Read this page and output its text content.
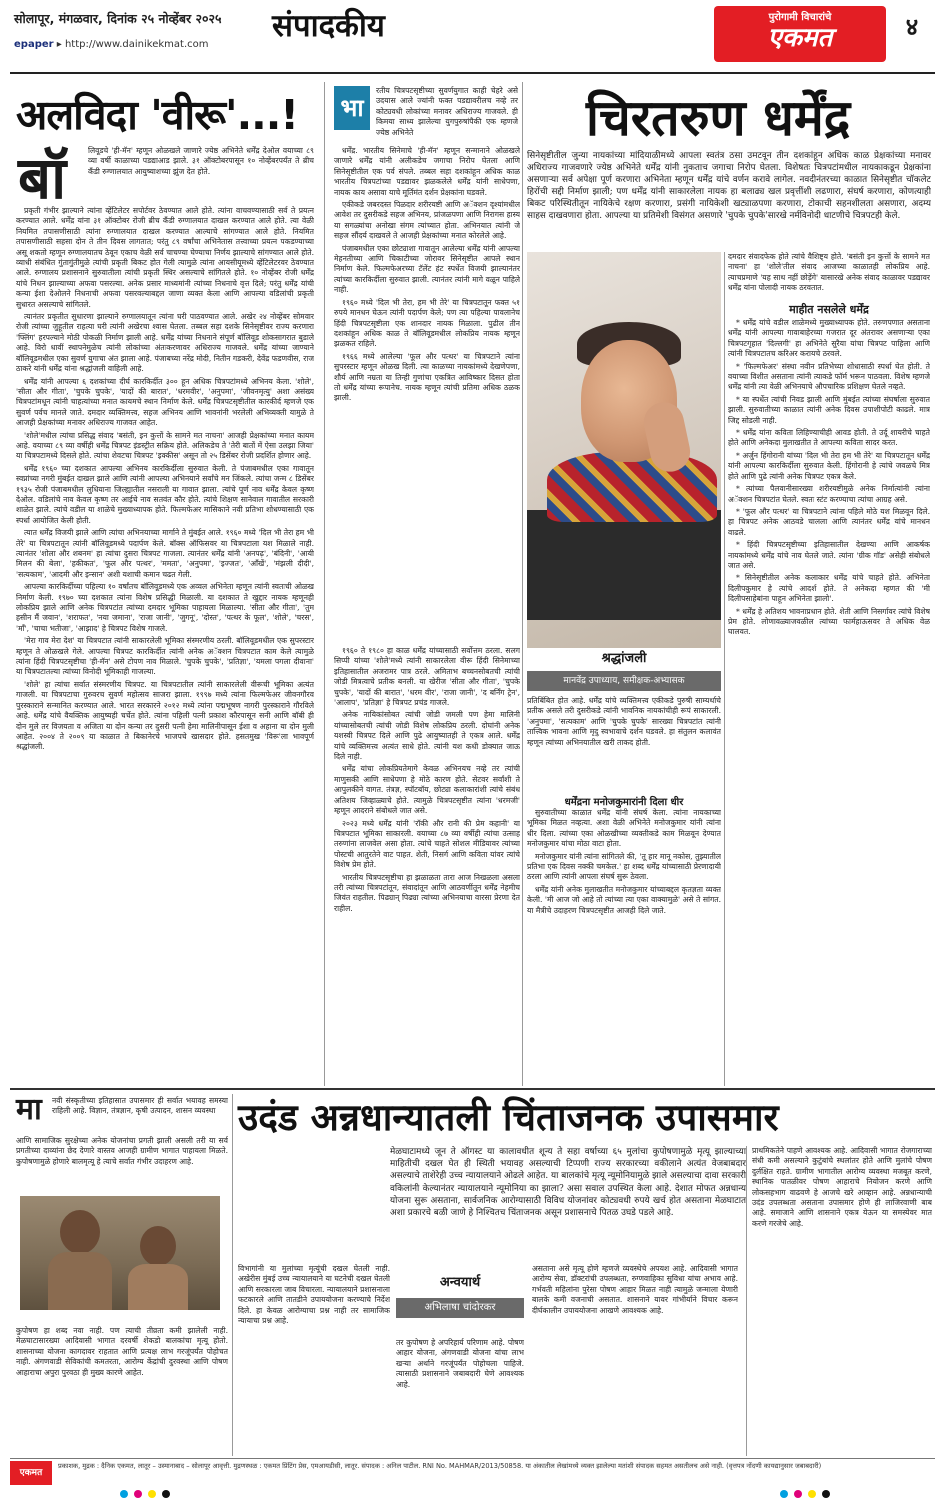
सोलापूर, मंगळवार, दिनांक २५ नोव्हेंबर २०२५
epaper ▸ http://www.dainikekmat.com
संपादकीय	पुरोगामी विचारांचे
एकमत	४
अलविदा 'वीरू'...!
बॉ	लिवूडचे 'ही-मॅन' म्हणून ओळखले जाणारे ज्येष्ठ अभिनेते धर्मेंद्र देओल वयाच्या ८९ व्या वर्षी काळाच्या पडद्याआड झाले. ३१ ऑक्टोबरपासून १० नोव्हेंबरपर्यंत ते ब्रीच कँडी रुग्णालयात आयुष्याशच्या झुंज देत होते.

प्रकृती गंभीर झाल्याने त्यांना व्हेंटिलेटर सपोर्टवर ठेवण्यात आले होते. त्यांना वाचवण्यासाठी सर्व ते प्रयत्न करण्यात आले. धर्मेंद्र यांना ३१ ऑक्टोबर रोजी ब्रीच कँडी रुग्णालयात दाखल करण्यात आले होते. त्या वेळी नियमित तपासणीसाठी त्यांना रुग्णालयात दाखल करण्यात आल्याचे सांगण्यात आले होते. नियमित तपासणीसाठी सहसा दोन ते तीन दिवस लागतात; परंतु ८९ वर्षांचा अभिनेतास तत्त्वाच्या प्रयत्न पकडण्याच्या असू शकतो म्हणून रुग्णालयातच ठेवून एकाच वेळी सर्व चाचण्या घेण्याचा निर्णय झाल्याचे सांगण्यात आले होते. व्याधी संबंधित गुंतागुंतीमुळे त्यांची प्रकृती बिकट होत गेली त्यामुळे त्यांना आयसीयूमध्ये व्हेंटिलेटरवर ठेवण्यात आले. रुग्णालय प्रशासनाने सुरुवातीला त्यांची प्रकृती स्थिर असल्याचे सांगितले होते. १० नोव्हेंबर रोजी धर्मेंद्र यांचे निधन झाल्याच्या अफवा पसरल्या. अनेक प्रसार माध्यमांनी त्यांच्या निधनाचे वृत्त दिले; परंतु धर्मेंद्र यांची कन्या ईशा देओलने निधनाची अफवा पसरवल्याबद्दल जाणा व्यक्त केला आणि आपल्या वडिलांची प्रकृती सुधारत असल्याचे सांगितले.

त्यानंतर प्रकृतीत सुधारणा झाल्याने रुग्णालयातून त्यांना घरी पाठवण्यात आले. अखेर २४ नोव्हेंबर सोमवार रोजी त्यांच्या जुहूतील राहत्या घरी त्यांनी अखेरचा श्वास घेतला. तब्बल सहा दशके सिनेसृष्टीवर राज्य करणारा 'फ्लिंग' हरपल्याने मोठी पोकळी निर्माण झाली आहे. धर्मेंद्र यांच्या निधनाने संपूर्ण बॉलिवूड शोकसागरात बुडाले आहे. विरो धावीं स्थापनेमुळेच त्यांनी लोकांच्या अंतःकरणावर अधिराज्य गाजवले. धर्मेंद्र यांच्या जाण्याने बॉलिवूडमधील एका सुवर्ण युगाचा अंत झाला आहे. पंजाबच्या नरेंद्र मोदी, नितीन गडकरी, देवेंद्र फडणवीस, राज ठाकरे यांनी धर्मेंद्र यांना श्रद्धांजली वाहिली आहे.

धर्मेंद्र यांनी आपल्या ६ दशकांच्या दीर्घ कारकिर्दीत ३०० हून अधिक चित्रपटांमध्ये अभिनय केला. 'शोले', 'सीता और गीता', 'चुपके चुपके', 'यादों की बारात', 'धरमवीर', 'अनुपमा', 'जीवनमृत्यु' अशा असंख्य चित्रपटांमधून त्यांनी चाहत्यांच्या मनात कायमचे स्थान निर्माण केले. धर्मेंद्र चित्रपटसृष्टीतील कारकीर्द म्हणजे एक सुवर्ण पर्वच मानले जाते. दमदार व्यक्तिमत्त्व, सहज अभिनय आणि भावनांनी भरलेली अभिव्यक्ती यामुळे ते आजही प्रेक्षकांच्या मनावर अधिराज्य गाजवत आहेत.

'शोले'मधील त्यांचा प्रसिद्ध संवाद 'बसंती, इन कुत्तों के सामने मत नाचना' आजही प्रेक्षकांच्या मनात कायम आहे. वयाच्या ८९ व्या वर्षीही धर्मेंद्र चित्रपट इंडस्ट्रीत सक्रिय होते. अलिकडेच ते 'तेरी बातों में ऐसा उलझा जिया' या चित्रपटामध्ये दिसले होते. त्यांचा शेवटचा चित्रपट 'इक्कीस' असून तो २५ डिसेंबर रोजी प्रदर्शित होणार आहे.

धर्मेंद्र १९६० च्या दशकात आपल्या अभिनय कारकिर्दीला सुरुवात केली. ते पंजाबमधील एका गावातून स्वप्नांच्या नगरी मुंबईत दाखल झाले आणि त्यांनी आपल्या अभिनयाने सर्वांचे मन जिंकले. त्यांचा जन्म ८ डिसेंबर १९३५ रोजी पंजाबमधील लुधियाना जिल्ह्यातील नसराली या गावात झाला. त्यांचे पूर्ण नाव धर्मेंद्र केवल कृष्ण देओल. वडिलांचे नाव केवल कृष्ण तर आईचे नाव सतवंत कौर होते. त्यांचे शिक्षण सानेवाल गावातील सरकारी शाळेत झाले. त्यांचे वडील या शाळेचे मुख्याध्यापक होते. फिल्मफेअर मासिकाने नवी प्रतिभा शोधण्यासाठी एक स्पर्धा आयोजित केली होती.

त्यात धर्मेंद्र विजयी झाले आणि त्यांचा अभिनयाच्या मार्गाने ते मुंबईत आले. १९६० मध्ये 'दिल भी तेरा हम भी तेरे' या चित्रपटातून त्यांनी बॉलिवूडमध्ये पदार्पण केले. बॉक्स ऑफिसवर या चित्रपटाला यश मिळाले नाही. त्यानंतर 'शोला और शबनम' हा त्यांचा दुसरा चित्रपट गाजला. त्यानंतर धर्मेंद्र यांनी 'अनपढ़', 'बंदिनी', 'आयी मिलन की बेला', 'हकीकत', 'फूल और पत्थर', 'ममता', 'अनुपमा', 'इज्जत', 'आँखें', 'मंझली दीदी', 'सत्यकाम', 'आदमी और इन्सान' अशी यशाची कमान चढत गेली.

आपल्या कारकिर्दीच्या पहिल्या १० वर्षांतच बॉलिवूडमध्ये एक अव्वल अभिनेता म्हणून त्यांनी स्वतःची ओळख निर्माण केली. १९७० च्या दशकात त्यांना विशेष प्रसिद्धी मिळाली. या दशकात ते खुद्दार नायक म्हणूनही लोकप्रिय झाले आणि अनेक चित्रपटांत त्यांच्या दमदार भूमिका पाहायला मिळाल्या. 'सीता और गीता', 'तुम हसीन मैं जवान', 'शराफत', 'नया जमाना', 'राजा जानी', 'जुगनू', 'दोस्त', 'पत्थर के फूल', 'शोले', 'चरस', 'माँ', 'चाचा भतीजा', 'आझाद' हे चित्रपट विशेष गाजले.

'मेरा गाव मेरा देश' या चित्रपटात त्यांनी साकारलेली भूमिका संस्मरणीय ठरली. बॉलिवूडमधील एक सुपरस्टार म्हणून ते ओळखले गेले. आपल्या चित्रपट कारकिर्दीत त्यांनी अनेक अॅक्शन चित्रपटात काम केले त्यामुळे त्यांना हिंदी चित्रपटसृष्टीचा 'ही-मॅन' असे टोपण नाव मिळाले. 'चुपके चुपके', 'प्रतिज्ञा', 'यमला पगला दीवाना' या चित्रपटातल्या त्यांच्या विनोदी भूमिकाही गाजल्या.

'शोले' हा त्यांचा सर्वात संस्मरणीय चित्रपट. या चित्रपटातील त्यांनी साकारलेली वीरूची भूमिका अत्यंत गाजली. या चित्रपटाचा गुरुवरच सुवर्ण महोत्सव साजरा झाला. १९९७ मध्ये त्यांना फिल्मफेअर जीवनगौरव पुरस्काराने सन्मानित करण्यात आले. भारत सरकारने २०१२ मध्ये त्यांना पद्मभूषण नागरी पुरस्काराने गौरविले आहे. धर्मेंद्र यांचे वैयक्तिक आयुष्यही चर्चेत होते. त्यांना पहिली पत्नी प्रकाश कौरपासून सनी आणि बॉबी ही दोन मुले तर विजयता व अजिता या दोन कन्या तर दुसरी पत्नी हेमा मालिनीपासून ईशा व अहाना या दोन मुली आहेत. २००४ ते २००९ या काळात ते बिकानेरचे भाजपचे खासदार होते. हसतमुख 'विरू'ला भावपूर्ण श्रद्धांजली.

भा
रतीय चित्रपटसृष्टीच्या सुवर्णयुगात काही चेहरे असे उदयास आले ज्यांनी फक्त पडद्यावरीलच नव्हे तर कोट्यवधी लोकांच्या मनावर अधिराज्य गाजवले. ही किमया साध्य झालेल्या युगपुरुषांपैकी एक म्हणजे ज्येष्ठ अभिनेते

धर्मेंद्र. भारतीय सिनेमाचे 'ही-मॅन' म्हणून सन्मानाने ओळखले जाणारे धर्मेंद्र यांनी अलीकडेच जगाचा निरोप घेतला आणि सिनेसृष्टीतील एक पर्व संपले. तब्बल सहा दशकांहून अधिक काळ भारतीय चित्रपटांच्या पडद्यावर झळकलेले धर्मेंद्र यांनी साधेपणा, नायक काय असावा याचे मूर्तिमंत दर्शन प्रेक्षकांना घडवले.

एकीकडे जबरदस्त पिळदार शरीरयष्टी आणि अॅक्शन दृश्यांमधील आवेश तर दुसरीकडे सहज अभिनय, प्रांजळपणा आणि निरागस हास्य या सगळ्यांचा अनोखा संगम त्यांच्यात होता. अभिनयात त्यांनी जे सहज सौंदर्य दाखवले ते आजही प्रेक्षकांच्या मनात कोरलेले आहे.

पंजाबमधील एका छोट्याशा गावातून आलेल्या धर्मेंद्र यांनी आपल्या मेहनतीच्या आणि चिकाटीच्या जोरावर सिनेसृष्टीत आपले स्थान निर्माण केले. फिल्मफेअरच्या टॅलेंट हंट स्पर्धेत विजयी झाल्यानंतर त्यांच्या कारकिर्दीला सुरुवात झाली. त्यानंतर त्यांनी मागे वळून पाहिले नाही.

१९६० मध्ये 'दिल भी तेरा, हम भी तेरे' या चित्रपटातून फक्त ५१ रुपये मानधन घेऊन त्यांनी पदार्पण केले; पण त्या पहिल्या पावलानेच हिंदी चित्रपटसृष्टीला एक शानदार नायक मिळाला. पुढील तीन दशकांहून अधिक काळ ते बॉलिवूडमधील लोकप्रिय नायक म्हणून झळकत राहिले.

१९६६ मध्ये आलेल्या 'फूल और पत्थर' या चित्रपटाने त्यांना सुपरस्टार म्हणून ओळख दिली. त्या काळच्या नायकांमध्ये देखणेपणा, शौर्य आणि नम्रता या तिन्ही गुणांचा एकत्रित आविष्कार दिसत होता तो धर्मेंद्र यांच्या रूपानेच. नायक म्हणून त्यांची प्रतिमा अधिक ठळक झाली.

१९६० ते १९८० हा काळ धर्मेंद्र यांच्यासाठी सर्वोत्तम ठरला. सलग सिप्पी यांच्या 'शोले'मध्ये त्यांनी साकारलेला वीरू हिंदी सिनेमाच्या इतिहासातील अजरामर पात्र ठरले. अमिताभ बच्चनसोबतची त्यांची जोडी मित्रत्वाचे प्रतीक बनली. या खेरीज 'सीता और गीता', 'चुपके चुपके', 'यादों की बारात', 'धरम वीर', 'राजा जानी', 'द बर्निंग ट्रेन', 'आलाप', 'प्रतिज्ञा' हे चित्रपट प्रचंड गाजले.

अनेक नायिकांसोबत त्यांची जोडी जमली पण हेमा मालिनी यांच्यासोबतची त्यांची जोडी विशेष लोकप्रिय ठरली. दोघांनी अनेक यशस्वी चित्रपट दिले आणि पुढे आयुष्यातही ते एकत्र आले. धर्मेंद्र यांचे व्यक्तिमत्त्व अत्यंत साधे होते. त्यांनी यश कधी डोक्यात जाऊ दिले नाही.

धर्मेंद्र यांचा लोकप्रियतेमागे केवळ अभिनयच नव्हे तर त्यांची माणुसकी आणि साधेपणा हे मोठे कारण होते. सेटवर सर्वांशी ते आपुलकीने वागत. तंत्रज्ञ, स्पॉटबॉय, छोट्या कलाकारांशी त्यांचे संबंध अतिशय जिव्हाळ्याचे होते. त्यामुळे चित्रपटसृष्टीत त्यांना 'धरमजी' म्हणून आदराने संबोधले जात असे.

२०२३ मध्ये धर्मेंद्र यांनी 'रॉकी और रानी की प्रेम कहानी' या चित्रपटात भूमिका साकारली. वयाच्या ८७ व्या वर्षीही त्यांचा उत्साह तरुणांना लाजवेल असा होता. त्यांचे चाहते सोशल मीडियावर त्यांच्या पोस्टची आतुरतेने वाट पाहत. शेती, निसर्ग आणि कविता यांवर त्यांचे विशेष प्रेम होते.

भारतीय चित्रपटसृष्टीचा हा झळाळता तारा आज निखळला असला तरी त्यांच्या चित्रपटांतून, संवादांतून आणि आठवणींतून धर्मेंद्र नेहमीच जिवंत राहतील. पिढ्यान् पिढ्या त्यांच्या अभिनयाचा वारसा प्रेरणा देत राहील.

चिरतरुण धर्मेंद्र
सिनेसृष्टीतील जुन्या नायकांच्या मांदियाळीमध्ये आपला स्वतंत्र ठसा उमटवून तीन दशकांहून अधिक काळ प्रेक्षकांच्या मनावर अधिराज्य गाजवणारे ज्येष्ठ अभिनेते धर्मेंद्र यांनी नुकताच जगाचा निरोप घेतला. विशेषतः चित्रपटांमधील नायकाकडून प्रेक्षकांना असणाऱ्या सर्व अपेक्षा पूर्ण करणारा अभिनेता म्हणून धर्मेंद्र यांचे वर्णन करावे लागेल. नवदीनंतरच्या काळात सिनेसृष्टीत चॉकलेट हिरोंची सद्दी निर्माण झाली; पण धर्मेंद्र यांनी साकारलेला नायक हा बलाढ्य खल प्रवृत्तींशी लढणारा, संघर्ष करणारा, कोणत्याही बिकट परिस्थितीतून नायिकेचे रक्षण करणारा, प्रसंगी नायिकेशी खट्याळपणा करणारा, टोकाची सहनशीलता असणारा, अदम्य साहस दाखवणारा होता. आपल्या या प्रतिमेशी विसंगत असणारे 'चुपके चुपके'सारखे नर्मविनोदी धाटणीचे चित्रपटही केले.
श्रद्धांजली
मानवेंद्र उपाध्याय, समीक्षक-अभ्यासक
दमदार संवादफेक होते त्यांचे वैशिष्ट्य होते. 'बसंती इन कुत्तों के सामने मत नाचना' हा 'शोले'तील संवाद आजच्या काळातही लोकप्रिय आहे. त्याचप्रमाणे 'यह साथ नहीं छोड़ेंगे' यासारखे अनेक संवाद काळावर पडद्यावर धर्मेंद्र यांना पोलादी नायक ठरवतात.
माहीत नसलेले धर्मेंद्र

* धर्मेंद्र यांचे वडील शाळेमध्ये मुख्याध्यापक होते. तरुणपणात असताना धर्मेंद्र यांनी आपल्या गावाबाहेरच्या गजरात दूर अंतरावर असणाऱ्या एका चित्रपटगृहात 'दिल्लगी' हा अभिनेते सुरैया यांचा चित्रपट पाहिला आणि त्यांनी चित्रपटातच करिअर करायचे ठरवले.

* 'फिल्मफेअर' संस्था नवीन प्रतिभेच्या शोधासाठी स्पर्धा घेत होती. ते वयाच्या विशीत असताना त्यांनी त्याकडे फॉर्म भरून पाठवला. विशेष म्हणजे धर्मेंद्र यांनी त्या वेळी अभिनयाचे औपचारिक प्रशिक्षण घेतले नव्हते.

* या स्पर्धेत त्यांची निवड झाली आणि मुंबईत त्यांच्या संघर्षाला सुरुवात झाली. सुरुवातीच्या काळात त्यांनी अनेक दिवस उपाशीपोटी काढले. मात्र जिद्द सोडली नाही.

* धर्मेंद्र यांना कविता लिहिण्याचीही आवड होती. ते उर्दू शायरीचे चाहते होते आणि अनेकदा मुलाखतीत ते आपल्या कविता सादर करत.

* अर्जुन हिंगोरानी यांच्या 'दिल भी तेरा हम भी तेरे' या चित्रपटातून धर्मेंद्र यांनी आपल्या कारकिर्दीला सुरुवात केली. हिंगोरानी हे त्यांचे जवळचे मित्र होते आणि पुढे त्यांनी अनेक चित्रपट एकत्र केले.

* त्यांच्या पैलवानीसारख्या शरीरयष्टीमुळे अनेक निर्मात्यांनी त्यांना अॅक्शन चित्रपटांत घेतले. स्वतः स्टंट करण्याचा त्यांचा आग्रह असे.

* 'फूल और पत्थर' या चित्रपटाने त्यांना पहिले मोठे यश मिळवून दिले. हा चित्रपट अनेक आठवडे चालला आणि त्यानंतर धर्मेंद्र यांचे मानधन वाढले.

* हिंदी चित्रपटसृष्टीच्या इतिहासातील देखण्या आणि आकर्षक नायकांमध्ये धर्मेंद्र यांचे नाव घेतले जाते. त्यांना 'ग्रीक गॉड' असेही संबोधले जात असे.

* सिनेसृष्टीतील अनेक कलाकार धर्मेंद्र यांचे चाहते होते. अभिनेता दिलीपकुमार हे त्यांचे आदर्श होते. ते अनेकदा म्हणत की 'मी दिलीपसाहेबांना पाहून अभिनेता झालो'.

* धर्मेंद्र हे अतिशय भावनाप्रधान होते. शेती आणि निसर्गावर त्यांचे विशेष प्रेम होते. लोणावळ्याजवळील त्यांच्या फार्महाऊसवर ते अधिक वेळ घालवत.

प्रतिबिंबित होत आहे. धर्मेंद्र यांचे व्यक्तिमत्त्व एकीकडे पुरुषी साम्यर्थाचे प्रतीक असले तरी दुसरीकडे त्यांनी भावनिक नायकांचीही रूपं साकारली. 'अनुपमा', 'सत्यकाम' आणि 'चुपके चुपके' सारख्या चित्रपटांत त्यांनी तात्त्विक भावना आणि मृदु स्वभावाचे दर्शन घडवले. हा संतुलन कलावंत म्हणून त्यांच्या अभिनयातील खरी ताकद होती.
धर्मेंद्रना मनोजकुमारांनी दिला धीर

सुरुवातीच्या काळात धर्मेंद्र यांनी संघर्ष केला. त्यांना नायकाच्या भूमिका मिळत नव्हत्या. अशा वेळी अभिनेते मनोजकुमार यांनी त्यांना धीर दिला. त्यांच्या एका ओळखीच्या व्यक्तीकडे काम मिळवून देण्यात मनोजकुमार यांचा मोठा वाटा होता.

मनोजकुमार यांनी त्यांना सांगितले की, 'तू हार मानू नकोस, तुझ्यातील प्रतिभा एक दिवस नक्की चमकेल.' हा शब्द धर्मेंद्र यांच्यासाठी प्रेरणादायी ठरला आणि त्यांनी आपला संघर्ष सुरू ठेवला.

धर्मेंद्र यांनी अनेक मुलाखतीत मनोजकुमार यांच्याबद्दल कृतज्ञता व्यक्त केली. 'मी आज जो आहे तो त्यांच्या त्या एका वाक्यामुळे' असे ते सांगत. या मैत्रीचे उदाहरण चित्रपटसृष्टीत आजही दिले जाते.

मा नवी संस्कृतीच्या इतिहासात उपासमार ही सर्वात भयावह समस्या राहिली आहे. विज्ञान, तंत्रज्ञान, कृषी उत्पादन, शासन व्यवस्था
आणि सामाजिक सुरक्षेच्या अनेक योजनांचा प्रगती झाली असली तरी या सर्व प्रगतीच्या दाव्यांना छेद देणारे वास्तव आजही ग्रामीण भागात पाहायला मिळते. कुपोषणामुळे होणारे बालमृत्यू हे त्याचे सर्वात गंभीर उदाहरण आहे.
कुपोषण हा शब्द नवा नाही. पण त्याची तीव्रता कमी झालेली नाही. मेळघाटासारख्या आदिवासी भागात दरवर्षी शेकडो बालकांचा मृत्यू होतो. शासनाच्या योजना कागदावर राहतात आणि प्रत्यक्ष लाभ गरजूंपर्यंत पोहोचत नाही. अंगणवाडी सेविकांची कमतरता, आरोग्य केंद्रांची दुरवस्था आणि पोषण आहाराचा अपुरा पुरवठा ही मुख्य कारणे आहेत.
उदंड अन्नधान्यातली चिंताजनक उपासमार
मेळघाटामध्ये जून ते ऑगस्ट या कालावधीत शून्य ते सहा वर्षाच्या ६५ मुलांचा कुपोषणामुळे मृत्यू झाल्याच्या माहितीची दखल घेत ही स्थिती भयावह असल्याची टिप्पणी राज्य सरकारच्या वकीलाने अत्यंत वेजबाबदार असल्याचे ताशेरेही उच्च न्यायालयाने ओढले आहेत. या बालकांचे मृत्यू न्यूमोनियामुळे झाले असल्याचा दावा सरकारी वकिलांनी केल्यानंतर न्यायालयाने न्यूमोनिया का झाला? असा सवाल उपस्थित केला आहे. देशात मोफत अन्नधान्य योजना सुरू असताना, सार्वजनिक आरोग्यासाठी विविध योजनांवर कोट्यवधी रुपये खर्च होत असताना मेळघाटात अशा प्रकारचे बळी जाणे हे निश्चितच चिंताजनक असून प्रशासनाचे पितळ उघडे पडले आहे.
विभागांनी या मुलांच्या मृत्यूंची दखल घेतली नाही. अखेरीस मुंबई उच्च न्यायालयाने या घटनेची दखल घेतली आणि सरकारला जाब विचारला. न्यायालयाने प्रशासनाला फटकारले आणि तातडीने उपाययोजना करण्याचे निर्देश दिले. हा केवळ आरोग्याचा प्रश्न नाही तर सामाजिक न्यायाचा प्रश्न आहे.
अन्वयार्थ
अभिलाषा चांदोरकर
तर कुपोषण हे अपरिहार्य परिणाम आहे. पोषण आहार योजना, अंगणवाडी योजना यांचा लाभ खऱ्या अर्थाने गरजूंपर्यंत पोहोचला पाहिजे. त्यासाठी प्रशासनाने जबाबदारी घेणे आवश्यक आहे.
असताना असे मृत्यू होणे म्हणजे व्यवस्थेचे अपयश आहे. आदिवासी भागात आरोग्य सेवा, डॉक्टरांची उपलब्धता, रुग्णवाहिका सुविधा यांचा अभाव आहे. गर्भवती महिलांना पुरेसा पोषण आहार मिळत नाही त्यामुळे जन्माला येणारी बालके कमी वजनाची असतात. शासनाने यावर गांभीर्याने विचार करून दीर्घकालीन उपाययोजना आखणे आवश्यक आहे.
प्राथमिकतेने पाहणे आवश्यक आहे. आदिवासी भागात रोजगाराच्या संधी कमी असल्याने कुटुंबांचे स्थलांतर होते आणि मुलांचे पोषण दुर्लक्षित राहते. ग्रामीण भागातील आरोग्य व्यवस्था मजबूत करणे, स्थानिक पातळीवर पोषण आहाराचे नियोजन करणे आणि लोकसहभाग वाढवणे हे आजचे खरे आव्हान आहे. अन्नधान्याची उदंड उपलब्धता असताना उपासमार होणे ही लाजिरवाणी बाब आहे. समाजाने आणि शासनाने एकत्र येऊन या समस्येवर मात करणे गरजेचे आहे.
एकमत
प्रकाशक, मुद्रक : दैनिक एकमत, लातूर – उस्मानाबाद – सोलापूर आवृत्ती. मुद्रणस्थळ : एकमत प्रिंटिंग प्रेस, एमआयडीसी, लातूर. संपादक : अनिल पाटील. RNI No. MAHMAR/2013/50858. या अंकातील लेखांमध्ये व्यक्त झालेल्या मतांशी संपादक सहमत असतीलच असे नाही. (वृत्तपत्र नोंदणी कायद्यानुसार जबाबदारी)
